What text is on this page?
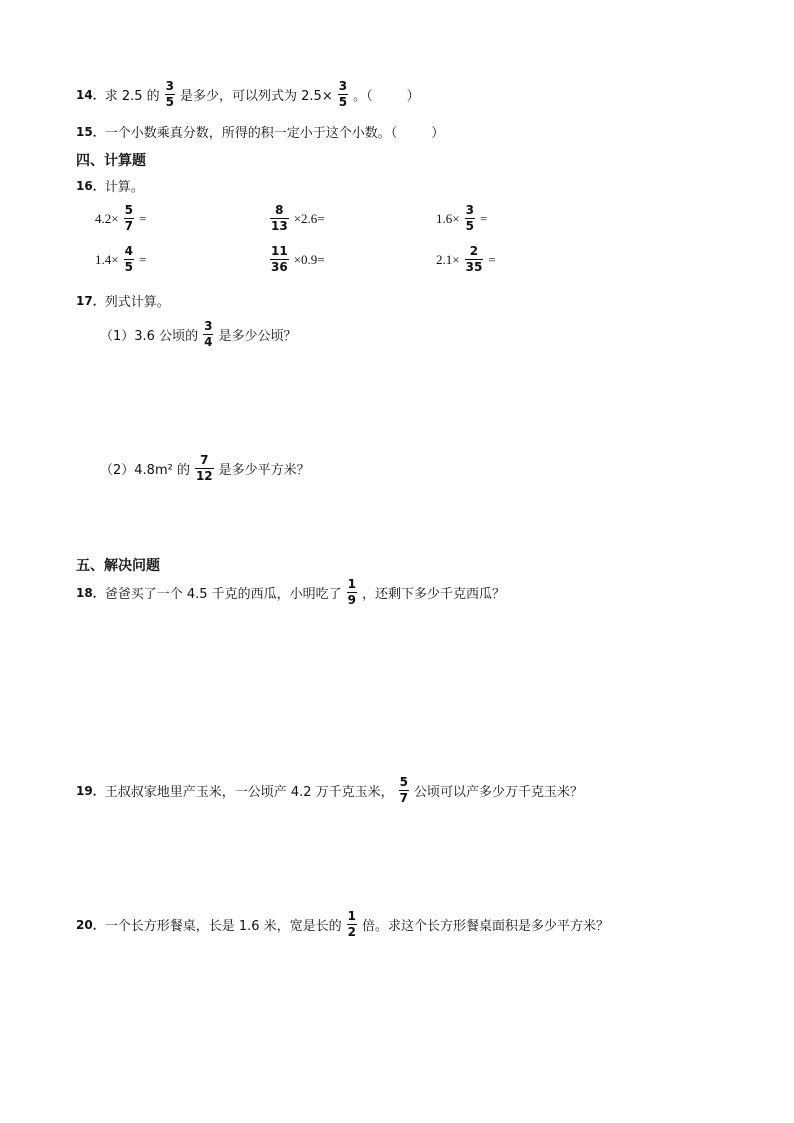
14． 求 2.5 的 $\frac{3}{5}$ 是多少，可以列式为 $2.5\times \frac{3}{5}$ 。（	）
15． 一个小数乘真分数，所得的积一定小于这个小数。（	）
四、计算题
16． 计算。
$4.2\times \frac{5}{7}$ =	$\frac{8}{13} \times 2.6=$	$1.6\times \frac{3}{5}$ =
$1.4\times \frac{4}{5}$ =	$\frac{11}{36} \times 0.9=$	$2.1\times \frac{2}{35}$ =
17． 列式计算。
（1）3.6 公顷的 $\frac{3}{4}$ 是多少公顷？
（2）4.8m² 的 $\frac{7}{12}$ 是多少平方米？
五、解决问题
18． 爸爸买了一个 4.5 千克的西瓜，小明吃了 $\frac{1}{9}$ ，还剩下多少千克西瓜？
19． 王叔叔家地里产玉米，一公顷产 4.2 万千克玉米， $\frac{5}{7}$ 公顷可以产多少万千克玉米？
20． 一个长方形餐桌，长是 1.6 米，宽是长的 $\frac{1}{2}$ 倍。求这个长方形餐桌面积是多少平方米？
